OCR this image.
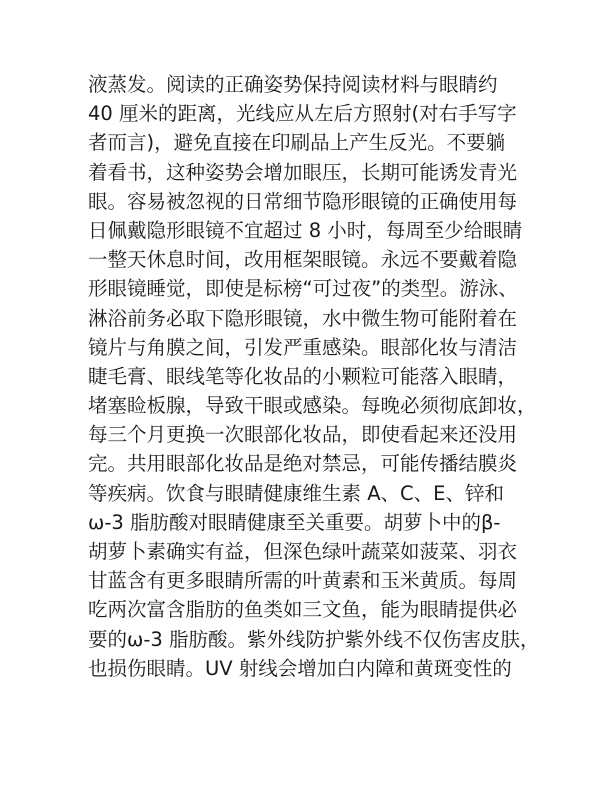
液蒸发。阅读的正确姿势保持阅读材料与眼睛约
40 厘米的距离，光线应从左后方照射(对右手写字
者而言)，避免直接在印刷品上产生反光。不要躺
着看书，这种姿势会增加眼压，长期可能诱发青光
眼。容易被忽视的日常细节隐形眼镜的正确使用每
日佩戴隐形眼镜不宜超过 8 小时，每周至少给眼睛
一整天休息时间，改用框架眼镜。永远不要戴着隐
形眼镜睡觉，即使是标榜“可过夜”的类型。游泳、
淋浴前务必取下隐形眼镜，水中微生物可能附着在
镜片与角膜之间，引发严重感染。眼部化妆与清洁
睫毛膏、眼线笔等化妆品的小颗粒可能落入眼睛，
堵塞睑板腺，导致干眼或感染。每晚必须彻底卸妆，
每三个月更换一次眼部化妆品，即使看起来还没用
完。共用眼部化妆品是绝对禁忌，可能传播结膜炎
等疾病。饮食与眼睛健康维生素 A、C、E、锌和
ω-3 脂肪酸对眼睛健康至关重要。胡萝卜中的β-
胡萝卜素确实有益，但深色绿叶蔬菜如菠菜、羽衣
甘蓝含有更多眼睛所需的叶黄素和玉米黄质。每周
吃两次富含脂肪的鱼类如三文鱼，能为眼睛提供必
要的ω-3 脂肪酸。紫外线防护紫外线不仅伤害皮肤，
也损伤眼睛。UV 射线会增加白内障和黄斑变性的
